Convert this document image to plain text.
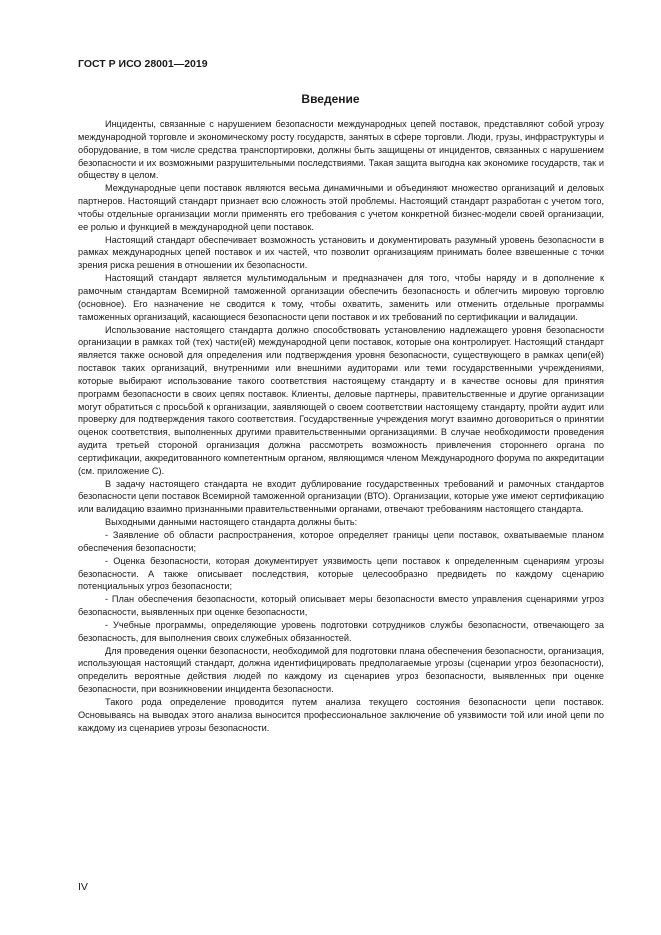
ГОСТ Р ИСО 28001—2019
Введение

Инциденты, связанные с нарушением безопасности международных цепей поставок, представляют собой угрозу международной торговле и экономическому росту государств, занятых в сфере торговли. Люди, грузы, инфраструктуры и оборудование, в том числе средства транспортировки, должны быть защищены от инцидентов, связанных с нарушением безопасности и их возможными разрушительными последствиями. Такая защита выгодна как экономике государств, так и обществу в целом.

Международные цепи поставок являются весьма динамичными и объединяют множество организаций и деловых партнеров. Настоящий стандарт признает всю сложность этой проблемы. Настоящий стандарт разработан с учетом того, чтобы отдельные организации могли применять его требования с учетом конкретной бизнес-модели своей организации, ее ролью и функцией в международной цепи поставок.

Настоящий стандарт обеспечивает возможность установить и документировать разумный уровень безопасности в рамках международных цепей поставок и их частей, что позволит организациям принимать более взвешенные с точки зрения риска решения в отношении их безопасности.

Настоящий стандарт является мультимодальным и предназначен для того, чтобы наряду и в дополнение к рамочным стандартам Всемирной таможенной организации обеспечить безопасность и облегчить мировую торговлю (основное). Его назначение не сводится к тому, чтобы охватить, заменить или отменить отдельные программы таможенных организаций, касающиеся безопасности цепи поставок и их требований по сертификации и валидации.

Использование настоящего стандарта должно способствовать установлению надлежащего уровня безопасности организации в рамках той (тех) части(ей) международной цепи поставок, которые она контролирует. Настоящий стандарт является также основой для определения или подтверждения уровня безопасности, существующего в рамках цепи(ей) поставок таких организаций, внутренними или внешними аудиторами или теми государственными учреждениями, которые выбирают использование такого соответствия настоящему стандарту и в качестве основы для принятия программ безопасности в своих цепях поставок. Клиенты, деловые партнеры, правительственные и другие организации могут обратиться с просьбой к организации, заявляющей о своем соответствии настоящему стандарту, пройти аудит или проверку для подтверждения такого соответствия. Государственные учреждения могут взаимно договориться о принятии оценок соответствия, выполненных другими правительственными организациями. В случае необходимости проведения аудита третьей стороной организация должна рассмотреть возможность привлечения стороннего органа по сертификации, аккредитованного компетентным органом, являющимся членом Международного форума по аккредитации (см. приложение С).

В задачу настоящего стандарта не входит дублирование государственных требований и рамочных стандартов безопасности цепи поставок Всемирной таможенной организации (ВТО). Организации, которые уже имеют сертификацию или валидацию взаимно признанными правительственными органами, отвечают требованиям настоящего стандарта.

Выходными данными настоящего стандарта должны быть:

- Заявление об области распространения, которое определяет границы цепи поставок, охватываемые планом обеспечения безопасности;

- Оценка безопасности, которая документирует уязвимость цепи поставок к определенным сценариям угрозы безопасности. А также описывает последствия, которые целесообразно предвидеть по каждому сценарию потенциальных угроз безопасности;

- План обеспечения безопасности, который описывает меры безопасности вместо управления сценариями угроз безопасности, выявленных при оценке безопасности,

- Учебные программы, определяющие уровень подготовки сотрудников службы безопасности, отвечающего за безопасность, для выполнения своих служебных обязанностей.

Для проведения оценки безопасности, необходимой для подготовки плана обеспечения безопасности, организация, использующая настоящий стандарт, должна идентифицировать предполагаемые угрозы (сценарии угроз безопасности), определить вероятные действия людей по каждому из сценариев угроз безопасности, выявленных при оценке безопасности, при возникновении инцидента безопасности.

Такого рода определение проводится путем анализа текущего состояния безопасности цепи поставок. Основываясь на выводах этого анализа выносится профессиональное заключение об уязвимости той или иной цепи по каждому из сценариев угрозы безопасности.

IV
